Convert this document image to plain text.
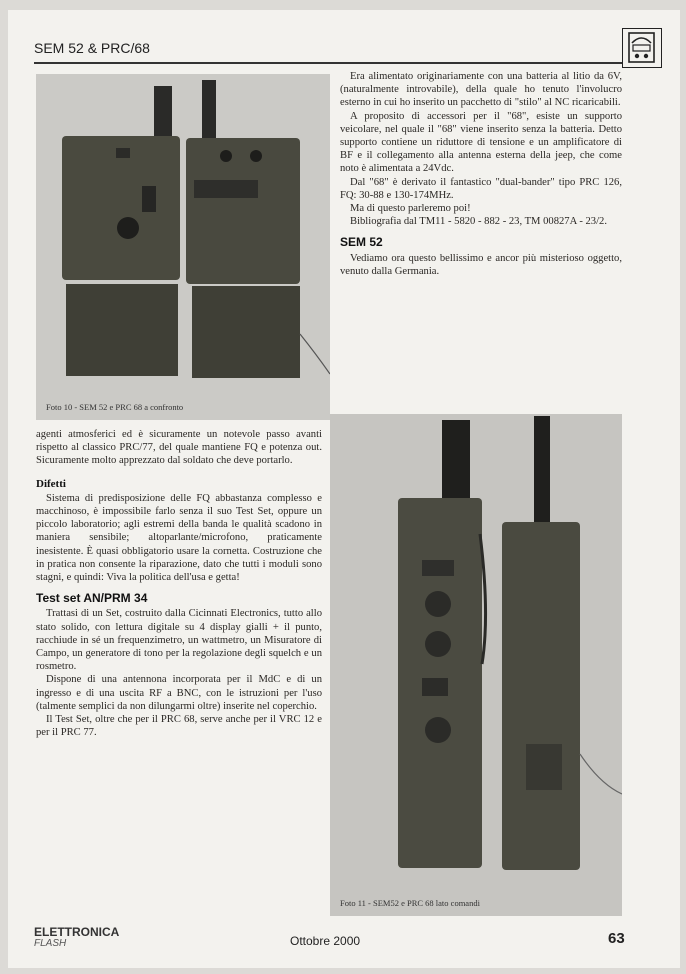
SEM 52 & PRC/68
Foto 10 - SEM 52 e PRC 68 a confronto
Foto 11 - SEM52 e PRC 68 lato comandi

Era alimentato originariamente con una batteria al litio da 6V, (naturalmente introvabile), della quale ho tenuto l'involucro esterno in cui ho inserito un pacchetto di "stilo" al NC ricaricabili.

A proposito di accessori per il "68", esiste un supporto veicolare, nel quale il "68" viene inserito senza la batteria. Detto supporto contiene un riduttore di tensione e un amplificatore di BF e il collegamento alla antenna esterna della jeep, che come noto è alimentata a 24Vdc.

Dal "68" è derivato il fantastico "dual-bander" tipo PRC 126, FQ: 30-88 e 130-174MHz.

Ma di questo parleremo poi!

Bibliografia dal TM11 - 5820 - 882 - 23, TM 00827A - 23/2.

SEM 52

Vediamo ora questo bellissimo e ancor più misterioso oggetto, venuto dalla Germania.

agenti atmosferici ed è sicuramente un notevole passo avanti rispetto al classico PRC/77, del quale mantiene FQ e potenza out. Sicuramente molto apprezzato dal soldato che deve portarlo.

Difetti

Sistema di predisposizione delle FQ abbastanza complesso e macchinoso, è impossibile farlo senza il suo Test Set, oppure un piccolo laboratorio; agli estremi della banda le qualità scadono in maniera sensibile; altoparlante/microfono, praticamente inesistente. È quasi obbligatorio usare la cornetta. Costruzione che in pratica non consente la riparazione, dato che tutti i moduli sono stagni, e quindi: Viva la politica dell'usa e getta!

Test set AN/PRM 34

Trattasi di un Set, costruito dalla Cicinnati Electronics, tutto allo stato solido, con lettura digitale su 4 display gialli + il punto, racchiude in sé un frequenzimetro, un wattmetro, un Misuratore di Campo, un generatore di tono per la regolazione degli squelch e un rosmetro.

Dispone di una antennona incorporata per il MdC e di un ingresso e di una uscita RF a BNC, con le istruzioni per l'uso (talmente semplici da non dilungarmi oltre) inserite nel coperchio.

Il Test Set, oltre che per il PRC 68, serve anche per il VRC 12 e per il PRC 77.

ELETTRONICA
FLASH	Ottobre 2000	63
